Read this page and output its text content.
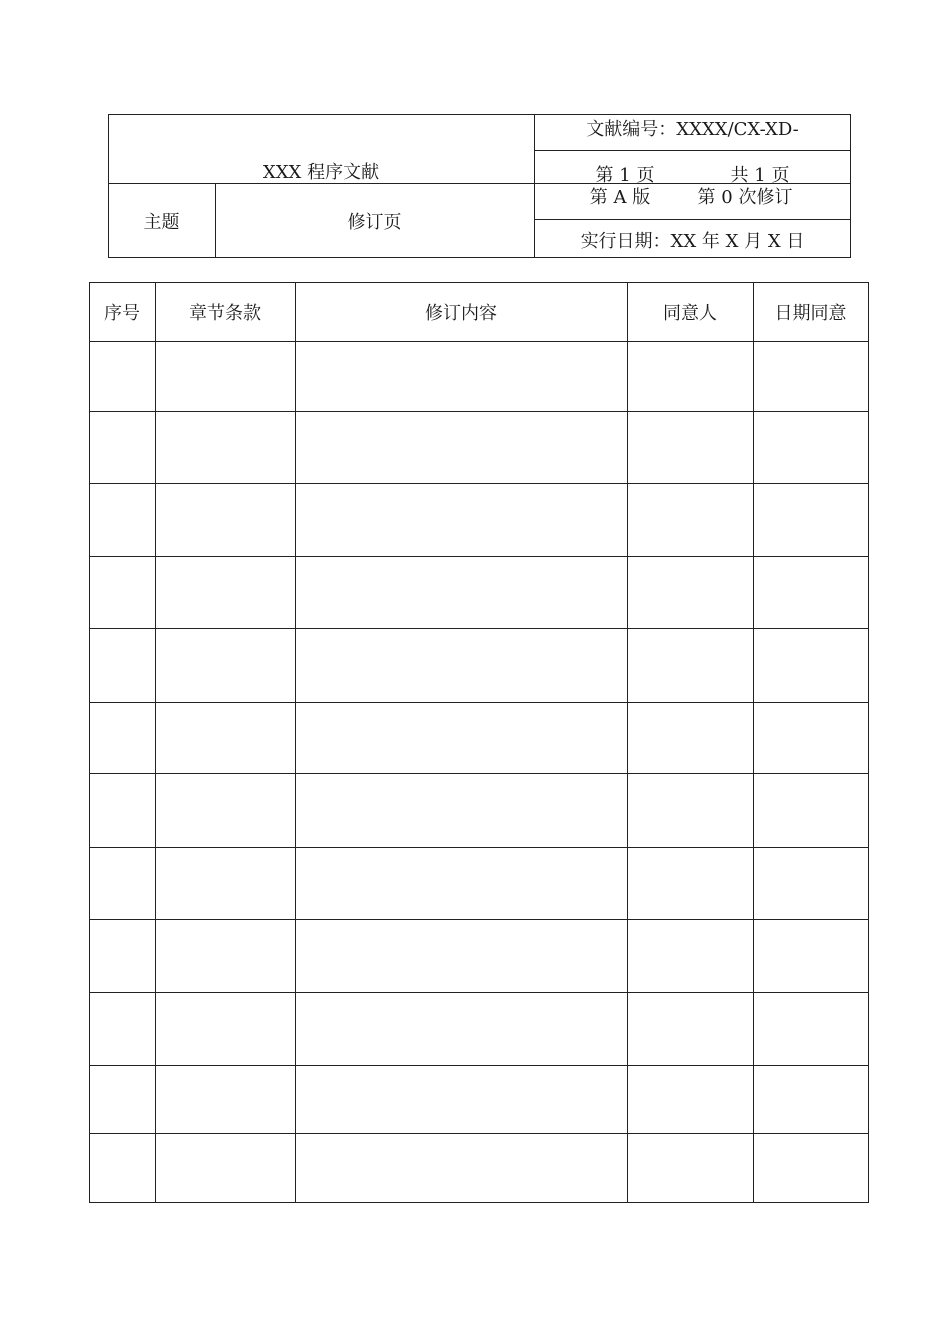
XXX 程序文献
文献编号：XXXX/CX-XD-
第 1 页	共 1 页
主题	修订页
第 A 版	第 0 次修订
实行日期：XX 年 X 月 X 日
序号	章节条款	修订内容	同意人	日期同意
